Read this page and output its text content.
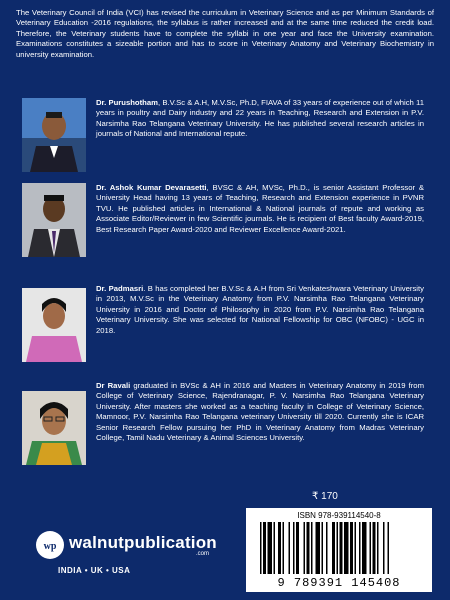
The Veterinary Council of India (VCI) has revised the curriculum in Veterinary Science and as per Minimum Standards of Veterinary Education -2016 regulations, the syllabus is rather increased and at the same time reduced the credit load. Therefore, the Veterinary students have to complete the syllabi in one year and face the University examination. Examinations constitutes a sizeable portion and has to score in Veterinary Anatomy and Veterinary Biochemistry in university examination.
Dr. Purushotham, B.V.Sc & A.H, M.V.Sc, Ph.D, FIAVA of 33 years of experience out of which 11 years in poultry and Dairy industry and 22 years in Teaching, Research and Extension in P.V. Narsimha Rao Telangana Veterinary University. He has published several research articles in journals of National and International repute.
Dr. Ashok Kumar Devarasetti, BVSC & AH, MVSc, Ph.D., is senior Assistant Professor & University Head having 13 years of Teaching, Research and Extension experience in PVNR TVU. He published articles in International & National journals of repute and working as Associate Editor/Reviewer in few Scientific journals. He is recipient of Best faculty Award-2019, Best Research Paper Award-2020 and Reviewer Excellence Award-2021.
Dr. Padmasri. B has completed her B.V.Sc & A.H from Sri Venkateshwara Veterinary University in 2013, M.V.Sc in the Veterinary Anatomy from P.V. Narsimha Rao Telangana Veterinary University in 2016 and Doctor of Philosophy in 2020 from P.V. Narsimha Rao Telangana Veterinary University. She was selected for National Fellowship for OBC (NFOBC) - UGC in 2018.
Dr Ravali graduated in BVSc & AH in 2016 and Masters in Veterinary Anatomy in 2019 from College of Veterinary Science, Rajendranagar, P. V. Narsimha Rao Telangana Veterinary University. After masters she worked as a teaching faculty in College of Veterinary Science, Mamnoor, P.V. Narsimha Rao Telangana veterinary University till 2020. Currently she is ICAR Senior Research Fellow pursuing her PhD in Veterinary Anatomy from Madras Veterinary College, Tamil Nadu Veterinary & Animal Sciences University.
₹ 170
wp walnutpublication
.com
INDIA • UK • USA
ISBN 978-939114540-8
9 789391 145408
